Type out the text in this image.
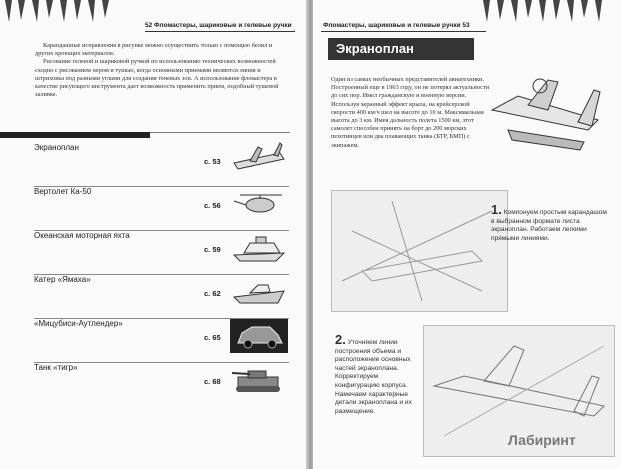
52 Фломастеры, шариковые и гелевые ручки

Карандашные исправления в рисунке можно осуществить только с помощью белил и других кроющих материалов.

Рисование гелевой и шариковой ручкой по использованию технических возможностей сходно с рисованием пером и тушью, когда основными приемами являются линия и штриховка под разными углами для создания теневых зон. А использование фломастера в качестве рисующего инструмента дает возможность применить прием, подобный тушевой заливке.

Экраноплан
с. 53
Вертолет Ка-50
с. 56
Океанская моторная яхта
с. 59
Катер «Ямаха»
с. 62
«Мицубиси-Аутлендер»
с. 65
Танк «тигр»
с. 68
Фломастеры, шариковые и гелевые ручки 53
Экраноплан
Один из самых необычных представителей авиатехники. Построенный еще в 1963 году, он не потерял актуальности до сих пор. Имел гражданскую и военную версии. Используя экранный эффект крыла, на крейсерской скорости 400 км/ч шел на высоте до 10 м. Максимальная высота до 3 км. Имея дальность полета 1500 км, этот самолет способен принять на борт до 200 морских пехотинцев или два плавающих танка (БТР, БМП) с экипажем.
1. Компонуем простым карандашом в выбранном формате листа экраноплан. Работаем легкими прямыми линиями.
2. Уточняем линии построения объема и расположение основных частей экраноплана. Корректируем конфигурацию корпуса. Намечаем характерные детали экраноплана и их размещение.
Лабиринт
